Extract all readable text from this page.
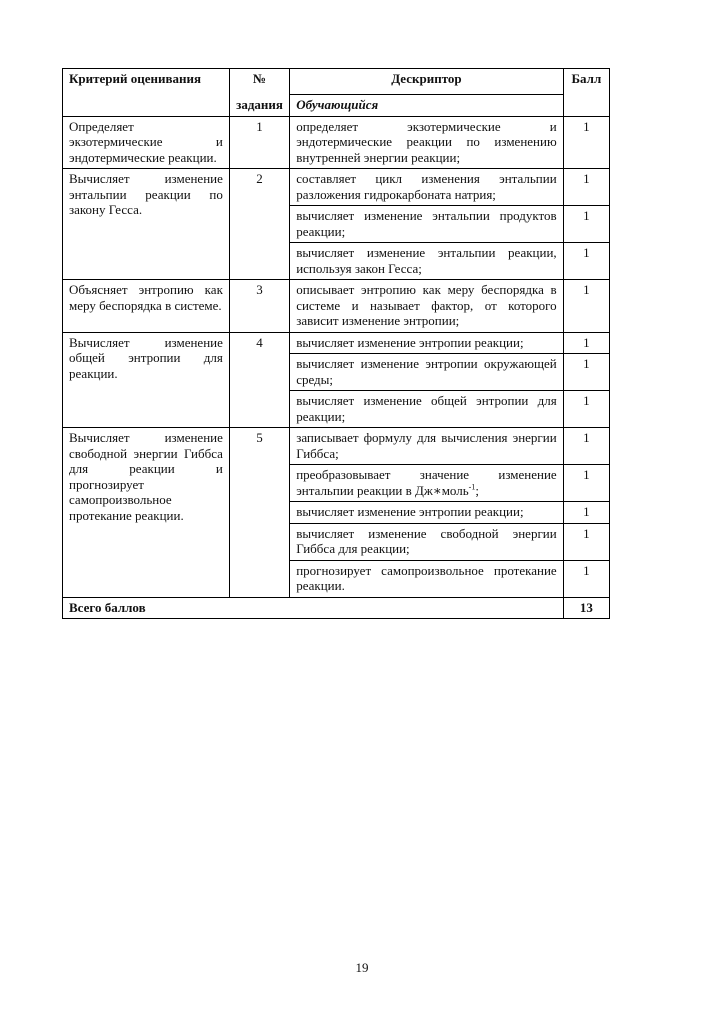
Критерий оценивания	№	Дескриптор	Балл
	задания	Обучающийся	
Определяет экзотермические и эндотермические реакции.	1	определяет экзотермические и эндотермические реакции по изменению внутренней энергии реакции;	1
Вычисляет изменение энтальпии реакции по закону Гесса.	2	составляет цикл изменения энтальпии разложения гидрокарбоната натрия;	1
		вычисляет изменение энтальпии продуктов реакции;	1
		вычисляет изменение энтальпии реакции, используя закон Гесса;	1
Объясняет энтропию как меру беспорядка в системе.	3	описывает энтропию как меру беспорядка в системе и называет фактор, от которого зависит изменение энтропии;	1
Вычисляет изменение общей энтропии для реакции.	4	вычисляет изменение энтропии реакции;	1
		вычисляет изменение энтропии окружающей среды;	1
		вычисляет изменение общей энтропии для реакции;	1
Вычисляет изменение свободной энергии Гиббса для реакции и прогнозирует самопроизвольное протекание реакции.	5	записывает формулу для вычисления энергии Гиббса;	1
		преобразовывает значение изменение энтальпии реакции в Дж∗моль$^{-1}$;	1
		вычисляет изменение энтропии реакции;	1
		вычисляет изменение свободной энергии Гиббса для реакции;	1
		прогнозирует самопроизвольное протекание реакции.	1
Всего баллов			13
19
